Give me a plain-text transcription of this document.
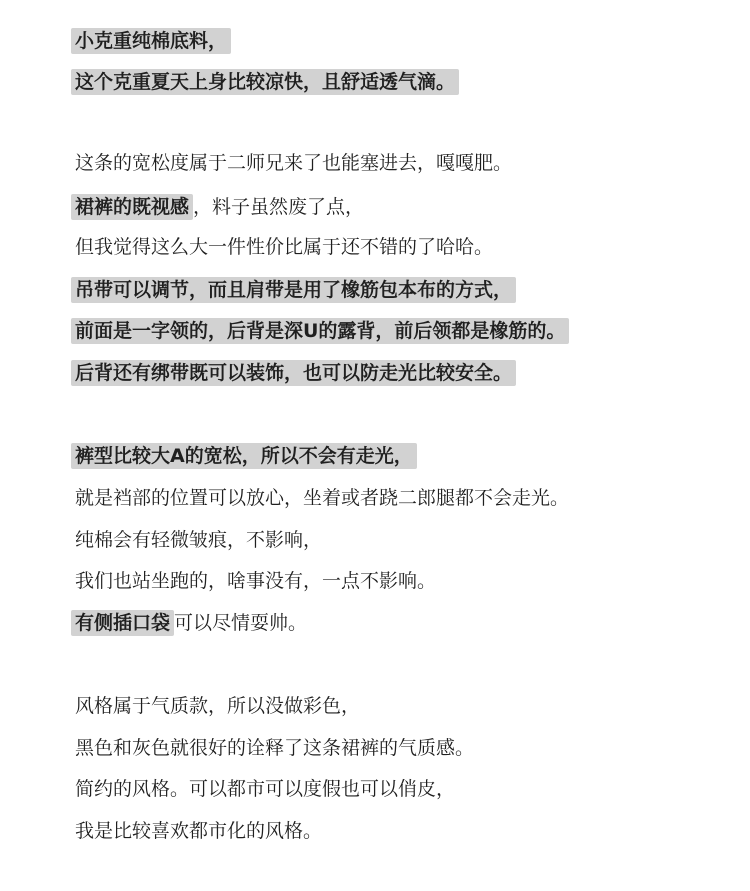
小克重纯棉底料，
这个克重夏天上身比较凉快，且舒适透气滴。
这条的宽松度属于二师兄来了也能塞进去，嘎嘎肥。
裙裤的既视感 ，料子虽然废了点，
但我觉得这么大一件性价比属于还不错的了哈哈。
吊带可以调节，而且肩带是用了橡筋包本布的方式，
前面是一字领的，后背是深U的露背，前后领都是橡筋的。
后背还有绑带既可以装饰，也可以防走光比较安全。
裤型比较大A的宽松，所以不会有走光，
就是裆部的位置可以放心，坐着或者跷二郎腿都不会走光。
纯棉会有轻微皱痕，不影响，
我们也站坐跑的，啥事没有，一点不影响。
有侧插口袋 可以尽情耍帅。
风格属于气质款，所以没做彩色，
黑色和灰色就很好的诠释了这条裙裤的气质感。
简约的风格。可以都市可以度假也可以俏皮，
我是比较喜欢都市化的风格。
